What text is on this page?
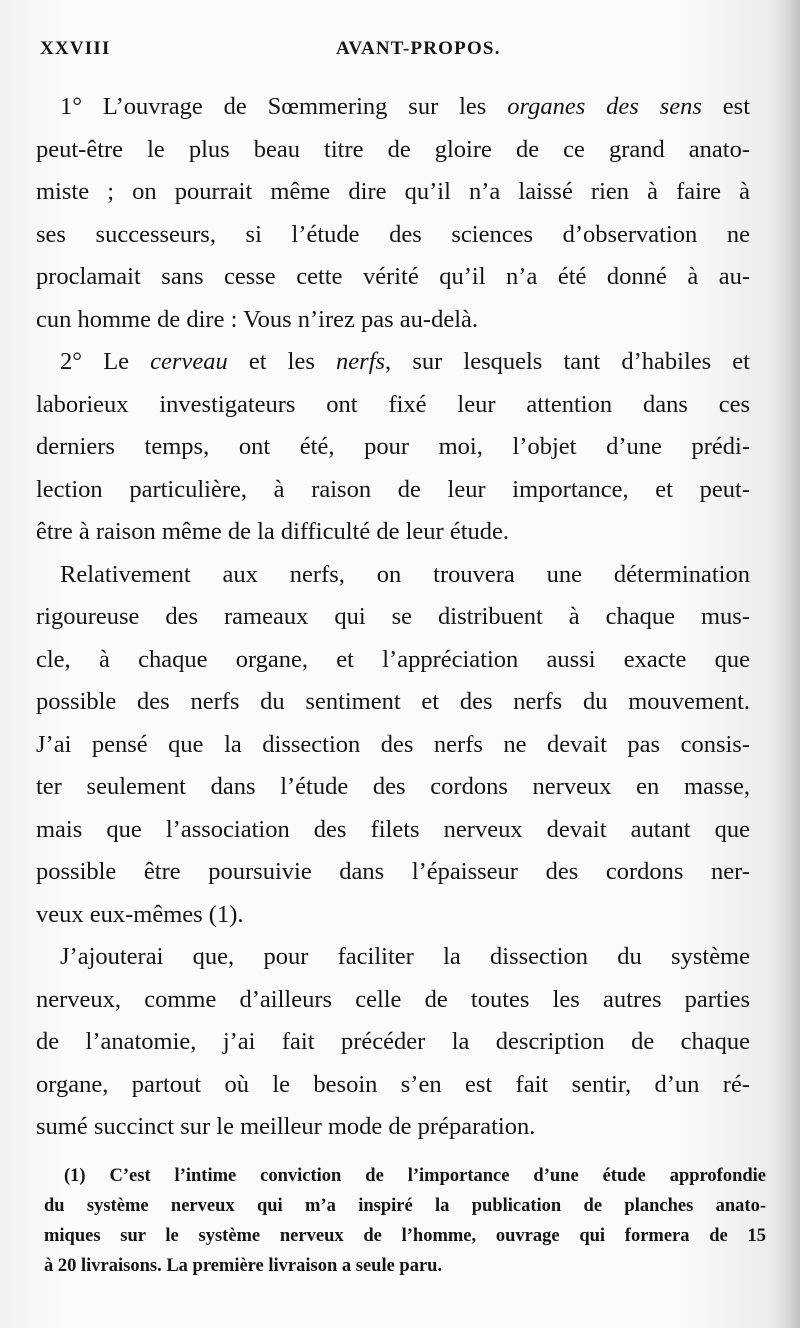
XXVIII	AVANT-PROPOS.
1° L’ouvrage de Sœmmering sur les organes des sens est
peut-être le plus beau titre de gloire de ce grand anato-
miste ; on pourrait même dire qu’il n’a laissé rien à faire à
ses successeurs, si l’étude des sciences d’observation ne
proclamait sans cesse cette vérité qu’il n’a été donné à au-
cun homme de dire : Vous n’irez pas au-delà.
2° Le cerveau et les nerfs, sur lesquels tant d’habiles et
laborieux investigateurs ont fixé leur attention dans ces
derniers temps, ont été, pour moi, l’objet d’une prédi-
lection particulière, à raison de leur importance, et peut-
être à raison même de la difficulté de leur étude.
Relativement aux nerfs, on trouvera une détermination
rigoureuse des rameaux qui se distribuent à chaque mus-
cle, à chaque organe, et l’appréciation aussi exacte que
possible des nerfs du sentiment et des nerfs du mouvement.
J’ai pensé que la dissection des nerfs ne devait pas consis-
ter seulement dans l’étude des cordons nerveux en masse,
mais que l’association des filets nerveux devait autant que
possible être poursuivie dans l’épaisseur des cordons ner-
veux eux-mêmes (1).
J’ajouterai que, pour faciliter la dissection du système
nerveux, comme d’ailleurs celle de toutes les autres parties
de l’anatomie, j’ai fait précéder la description de chaque
organe, partout où le besoin s’en est fait sentir, d’un ré-
sumé succinct sur le meilleur mode de préparation.
(1) C’est l’intime conviction de l’importance d’une étude approfondie
du système nerveux qui m’a inspiré la publication de planches anato-
miques sur le système nerveux de l’homme, ouvrage qui formera de 15
à 20 livraisons. La première livraison a seule paru.
